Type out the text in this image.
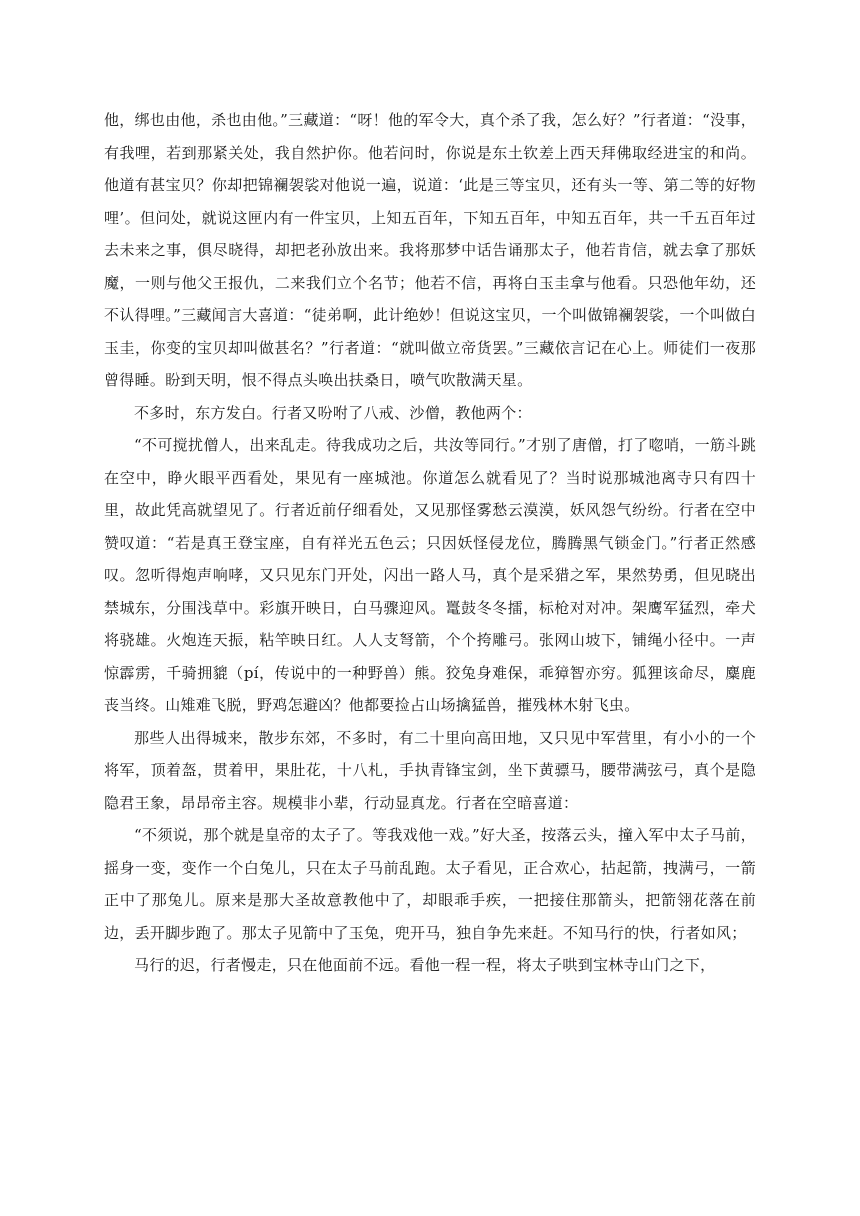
他，绑也由他，杀也由他。”三藏道：“呀！他的军令大，真个杀了我，怎么好？”行者道：“没事，有我哩，若到那紧关处，我自然护你。他若问时，你说是东土钦差上西天拜佛取经进宝的和尚。他道有甚宝贝？你却把锦襕袈裟对他说一遍，说道：‘此是三等宝贝，还有头一等、第二等的好物哩’。但问处，就说这匣内有一件宝贝，上知五百年，下知五百年，中知五百年，共一千五百年过去未来之事，俱尽晓得，却把老孙放出来。我将那梦中话告诵那太子，他若肯信，就去拿了那妖魔，一则与他父王报仇，二来我们立个名节；他若不信，再将白玉圭拿与他看。只恐他年幼，还不认得哩。”三藏闻言大喜道：“徒弟啊，此计绝妙！但说这宝贝，一个叫做锦襕袈裟，一个叫做白玉圭，你变的宝贝却叫做甚名？”行者道：“就叫做立帝货罢。”三藏依言记在心上。师徒们一夜那曾得睡。盼到天明，恨不得点头唤出扶桑日，喷气吹散满天星。

不多时，东方发白。行者又吩咐了八戒、沙僧，教他两个：

“不可搅扰僧人，出来乱走。待我成功之后，共汝等同行。”才别了唐僧，打了唿哨，一筋斗跳在空中，睁火眼平西看处，果见有一座城池。你道怎么就看见了？当时说那城池离寺只有四十里，故此凭高就望见了。行者近前仔细看处，又见那怪雾愁云漠漠，妖风怨气纷纷。行者在空中赞叹道：“若是真王登宝座，自有祥光五色云；只因妖怪侵龙位，腾腾黑气锁金门。”行者正然感叹。忽听得炮声响哮，又只见东门开处，闪出一路人马，真个是采猎之军，果然势勇，但见晓出禁城东，分围浅草中。彩旗开映日，白马骤迎风。鼍鼓冬冬擂，标枪对对冲。架鹰军猛烈，牵犬将骁雄。火炮连天振，粘竿映日红。人人支弩箭，个个挎雕弓。张网山坡下，铺绳小径中。一声惊霹雳，千骑拥貔（pí，传说中的一种野兽）熊。狡兔身难保，乖獐智亦穷。狐狸该命尽，麋鹿丧当终。山雉难飞脱，野鸡怎避凶？他都要捡占山场擒猛兽，摧残林木射飞虫。

那些人出得城来，散步东郊，不多时，有二十里向高田地，又只见中军营里，有小小的一个将军，顶着盔，贯着甲，果肚花，十八札，手执青锋宝剑，坐下黄骠马，腰带满弦弓，真个是隐隐君王象，昂昂帝主容。规模非小辈，行动显真龙。行者在空暗喜道：

“不须说，那个就是皇帝的太子了。等我戏他一戏。”好大圣，按落云头，撞入军中太子马前，摇身一变，变作一个白兔儿，只在太子马前乱跑。太子看见，正合欢心，拈起箭，拽满弓，一箭正中了那兔儿。原来是那大圣故意教他中了，却眼乖手疾，一把接住那箭头，把箭翎花落在前边，丢开脚步跑了。那太子见箭中了玉兔，兜开马，独自争先来赶。不知马行的快，行者如风；

马行的迟，行者慢走，只在他面前不远。看他一程一程，将太子哄到宝林寺山门之下，
